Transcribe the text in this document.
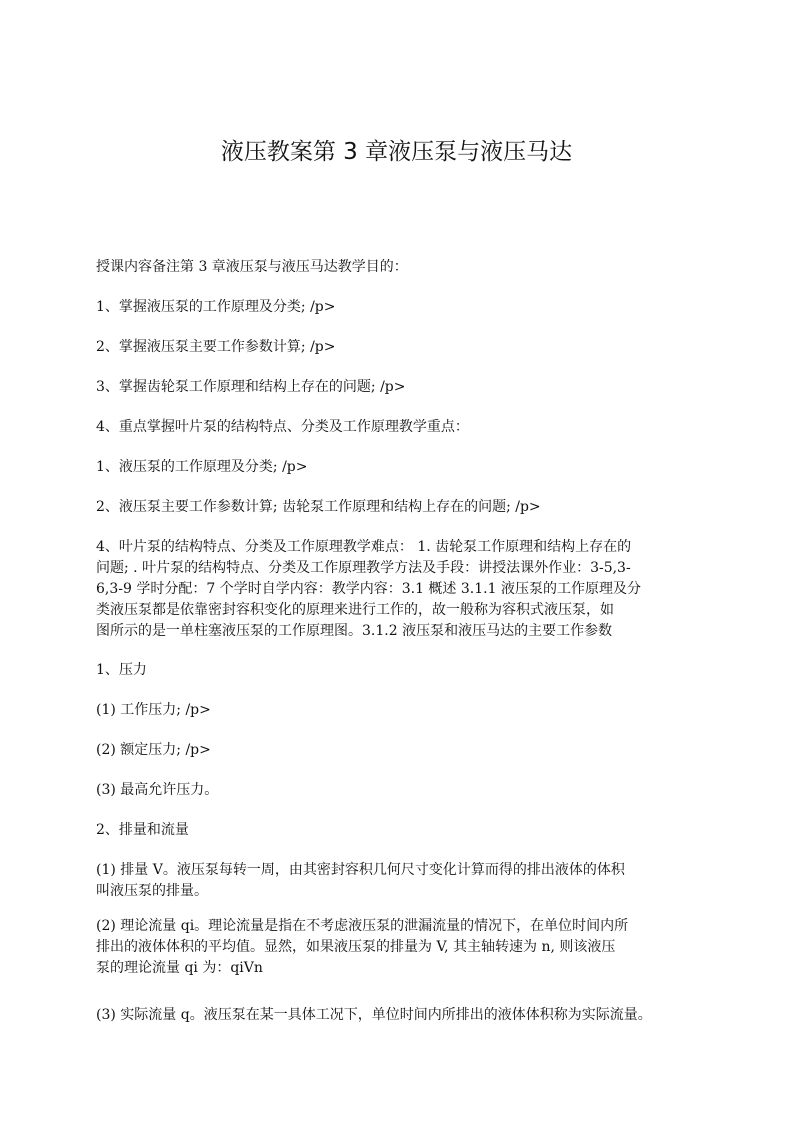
液压教案第 3 章液压泵与液压马达
授课内容备注第 3 章液压泵与液压马达教学目的：
1、掌握液压泵的工作原理及分类; /p>
2、掌握液压泵主要工作参数计算; /p>
3、掌握齿轮泵工作原理和结构上存在的问题; /p>
4、重点掌握叶片泵的结构特点、分类及工作原理教学重点：
1、液压泵的工作原理及分类; /p>
2、液压泵主要工作参数计算; 齿轮泵工作原理和结构上存在的问题; /p>
4、叶片泵的结构特点、分类及工作原理教学难点： 1. 齿轮泵工作原理和结构上存在的
问题; . 叶片泵的结构特点、分类及工作原理教学方法及手段：讲授法课外作业：3-5,3-
6,3-9 学时分配：7 个学时自学内容：教学内容：3.1 概述 3.1.1 液压泵的工作原理及分
类液压泵都是依靠密封容积变化的原理来进行工作的，故一般称为容积式液压泵，如
图所示的是一单柱塞液压泵的工作原理图。3.1.2 液压泵和液压马达的主要工作参数
1、压力
(1) 工作压力; /p>
(2) 额定压力; /p>
(3) 最高允许压力。
2、排量和流量
(1) 排量 V。液压泵每转一周，由其密封容积几何尺寸变化计算而得的排出液体的体积
叫液压泵的排量。
(2) 理论流量 qi。理论流量是指在不考虑液压泵的泄漏流量的情况下，在单位时间内所
排出的液体体积的平均值。显然，如果液压泵的排量为 V, 其主轴转速为 n, 则该液压
泵的理论流量 qi 为：qiVn
(3) 实际流量 q。液压泵在某一具体工况下，单位时间内所排出的液体体积称为实际流量。
